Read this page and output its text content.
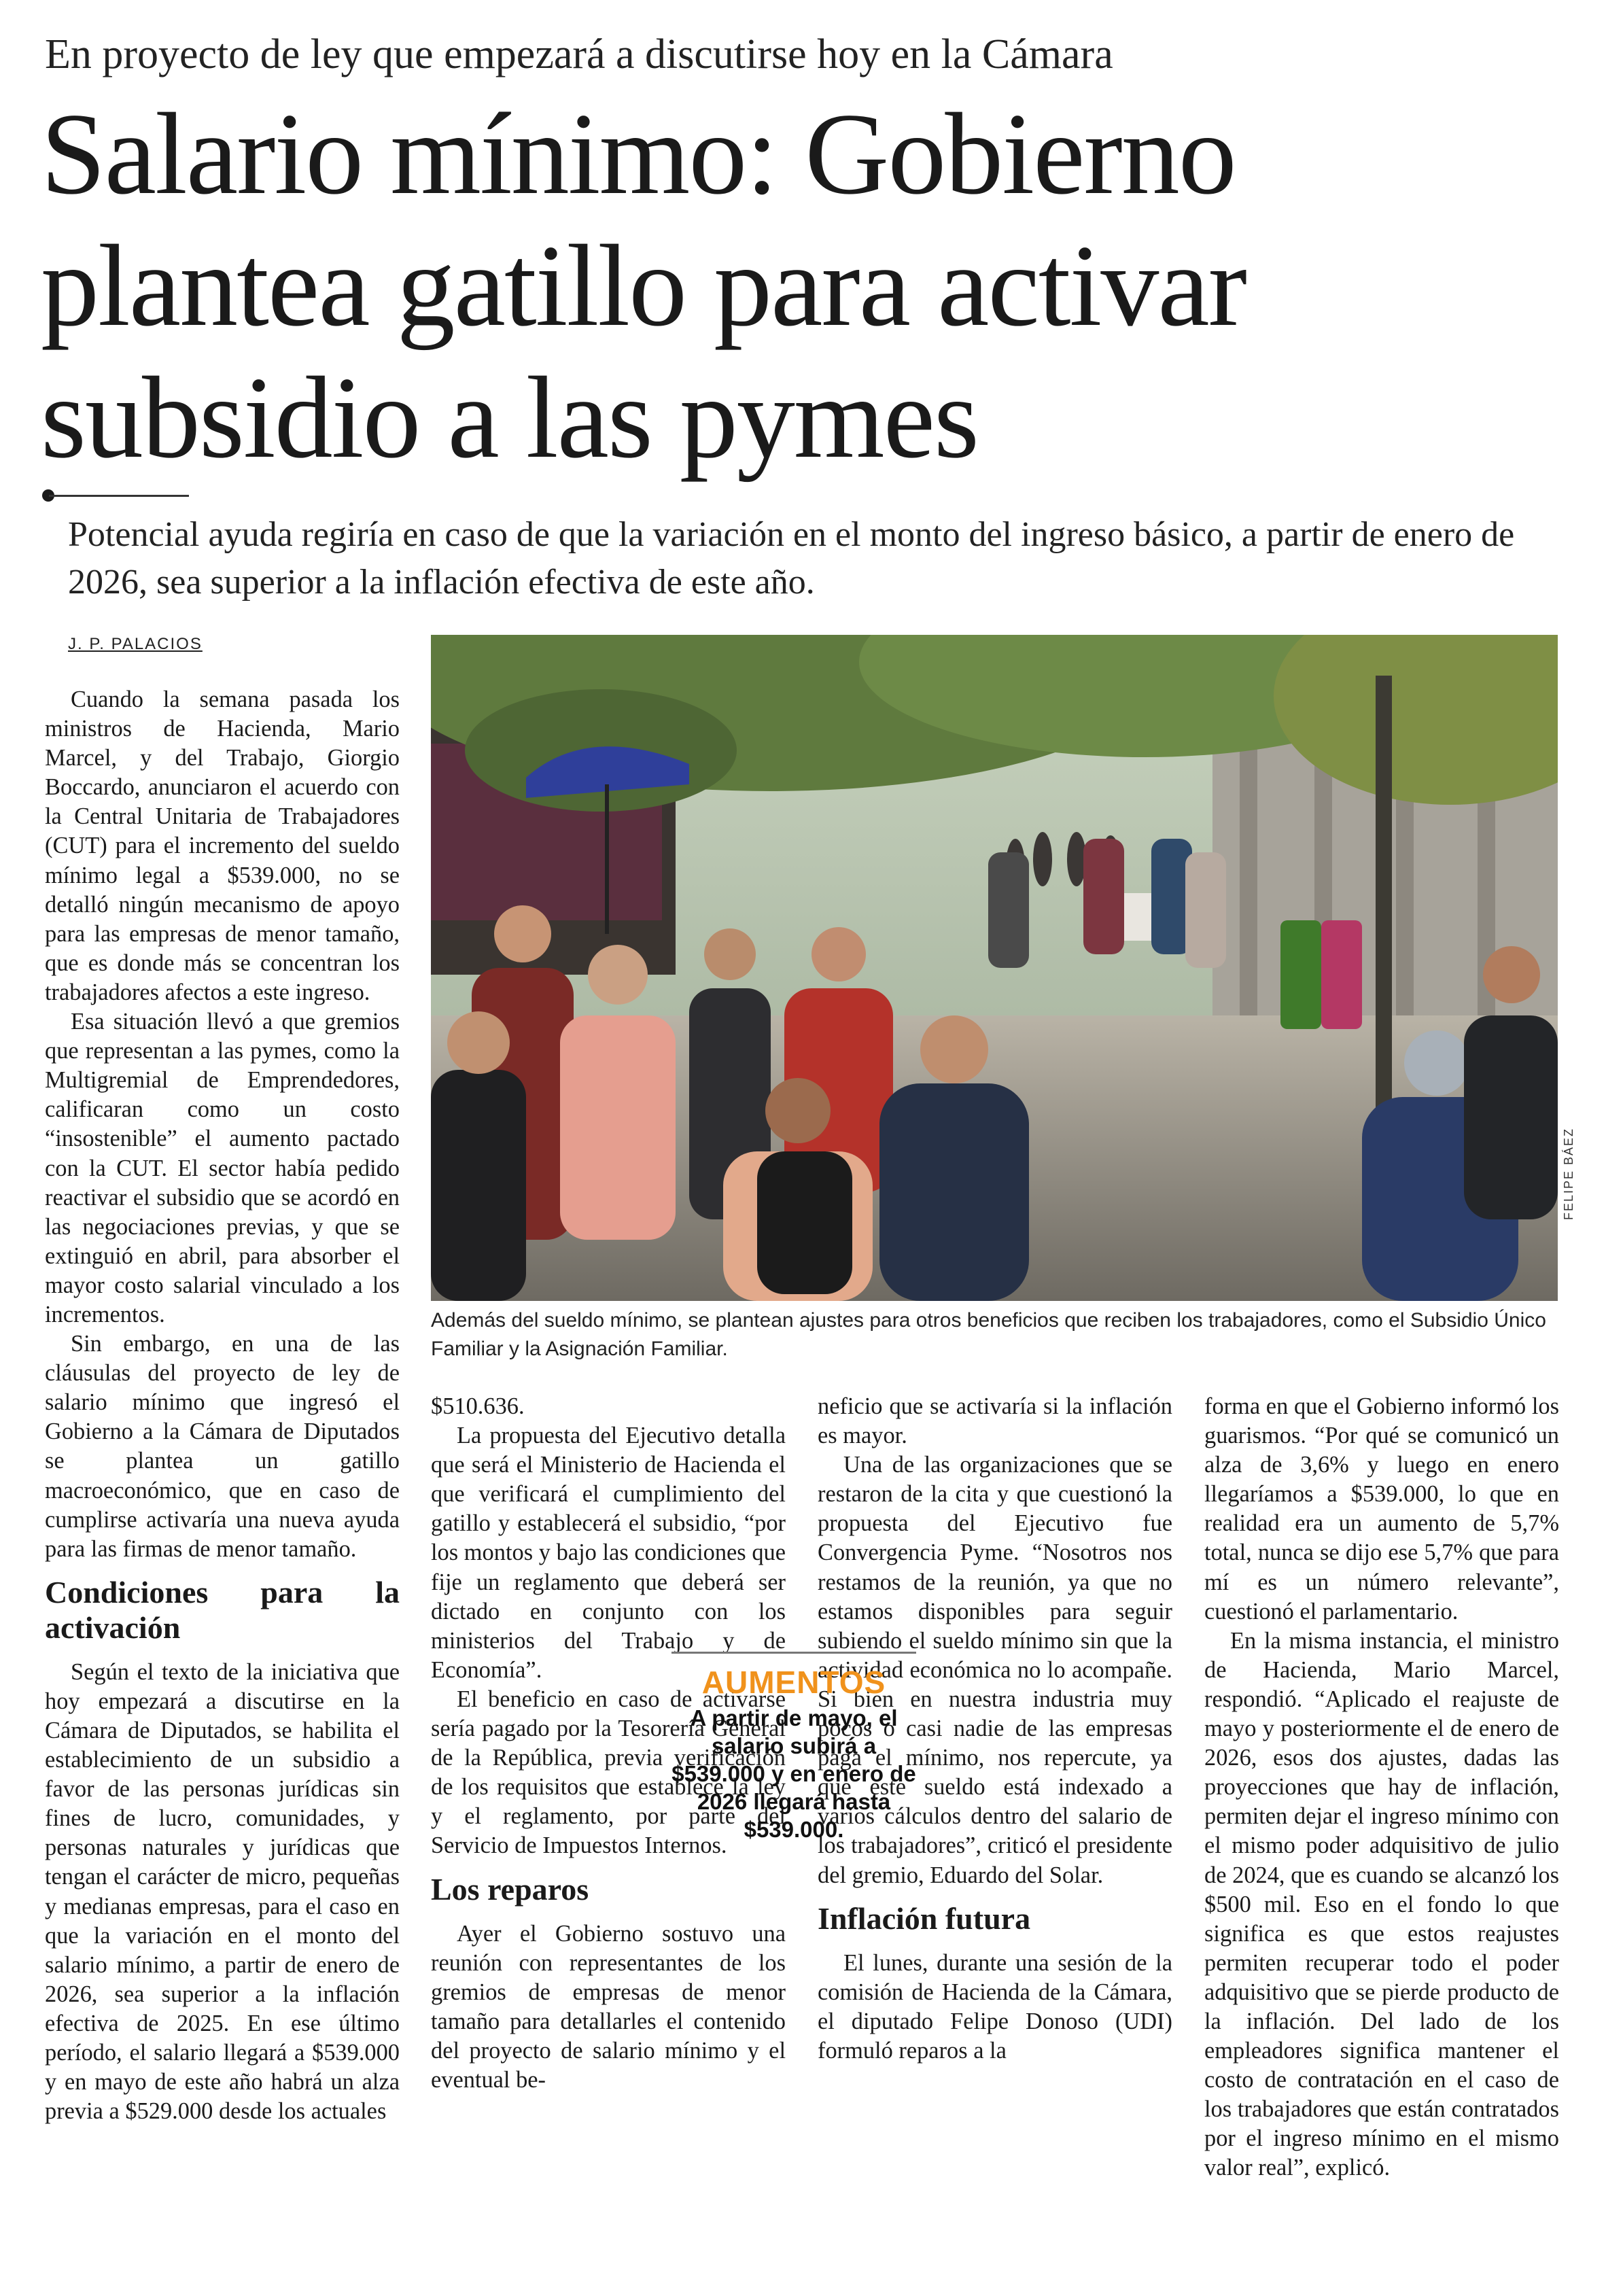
En proyecto de ley que empezará a discutirse hoy en la Cámara
Salario mínimo: Gobierno
plantea gatillo para activar
subsidio a las pymes
Potencial ayuda regiría en caso de que la variación en el monto del ingreso básico, a partir de enero de 2026, sea superior a la inflación efectiva de este año.
J. P. PALACIOS

Cuando la semana pasada los ministros de Hacienda, Mario Marcel, y del Trabajo, Giorgio Boccardo, anunciaron el acuerdo con la Central Unitaria de Trabajadores (CUT) para el incremento del sueldo mínimo legal a $539.000, no se detalló ningún mecanismo de apoyo para las empresas de menor tamaño, que es donde más se concentran los trabajadores afectos a este ingreso.

Esa situación llevó a que gremios que representan a las pymes, como la Multigremial de Emprendedores, calificaran como un costo “insostenible” el aumento pactado con la CUT. El sector había pedido reactivar el subsidio que se acordó en las negociaciones previas, y que se extinguió en abril, para absorber el mayor costo salarial vinculado a los incrementos.

Sin embargo, en una de las cláusulas del proyecto de ley de salario mínimo que ingresó el Gobierno a la Cámara de Diputados se plantea un gatillo macroeconómico, que en caso de cumplirse activaría una nueva ayuda para las firmas de menor tamaño.

Condiciones para la activación

Según el texto de la iniciativa que hoy empezará a discutirse en la Cámara de Diputados, se habilita el establecimiento de un subsidio a favor de las personas jurídicas sin fines de lucro, comunidades, y personas naturales y jurídicas que tengan el carácter de micro, pequeñas y medianas empresas, para el caso en que la variación en el monto del salario mínimo, a partir de enero de 2026, sea superior a la inflación efectiva de 2025. En ese último período, el salario llegará a $539.000 y en mayo de este año habrá un alza previa a $529.000 desde los actuales

FELIPE BÁEZ
Además del sueldo mínimo, se plantean ajustes para otros beneficios que reciben los trabajadores, como el Subsidio Único Familiar y la Asignación Familiar.

$510.636.

La propuesta del Ejecutivo detalla que será el Ministerio de Hacienda el que verificará el cumplimiento del gatillo y establecerá el subsidio, “por los montos y bajo las condiciones que fije un reglamento que deberá ser dictado en conjunto con los ministerios del Trabajo y de Economía”.

El beneficio en caso de activarse sería pagado por la Tesorería General de la República, previa verificación de los requisitos que establece la ley y el reglamento, por parte del Servicio de Impuestos Internos.

Los reparos

Ayer el Gobierno sostuvo una reunión con representantes de los gremios de empresas de menor tamaño para detallarles el contenido del proyecto de salario mínimo y el eventual be-

neficio que se activaría si la inflación es mayor.

Una de las organizaciones que se restaron de la cita y que cuestionó la propuesta del Ejecutivo fue Convergencia Pyme. “Nosotros nos restamos de la reunión, ya que no estamos disponibles para seguir subiendo el sueldo mínimo sin que la actividad económica no lo acompañe. Si bien en nuestra industria muy pocos o casi nadie de las empresas paga el mínimo, nos repercute, ya que este sueldo está indexado a varios cálculos dentro del salario de los trabajadores”, criticó el presidente del gremio, Eduardo del Solar.

Inflación futura

El lunes, durante una sesión de la comisión de Hacienda de la Cámara, el diputado Felipe Donoso (UDI) formuló reparos a la

forma en que el Gobierno informó los guarismos. “Por qué se comunicó un alza de 3,6% y luego en enero llegaríamos a $539.000, lo que en realidad era un aumento de 5,7% total, nunca se dijo ese 5,7% que para mí es un número relevante”, cuestionó el parlamentario.

En la misma instancia, el ministro de Hacienda, Mario Marcel, respondió. “Aplicado el reajuste de mayo y posteriormente el de enero de 2026, esos dos ajustes, dadas las proyecciones que hay de inflación, permiten dejar el ingreso mínimo con el mismo poder adquisitivo de julio de 2024, que es cuando se alcanzó los $500 mil. Eso en el fondo lo que significa es que estos reajustes permiten recuperar todo el poder adquisitivo que se pierde producto de la inflación. Del lado de los empleadores significa mantener el costo de contratación en el caso de los trabajadores que están contratados por el ingreso mínimo en el mismo valor real”, explicó.

AUMENTOS
A partir de mayo, el salario subirá a $539.000 y en enero de 2026 llegará hasta $539.000.
